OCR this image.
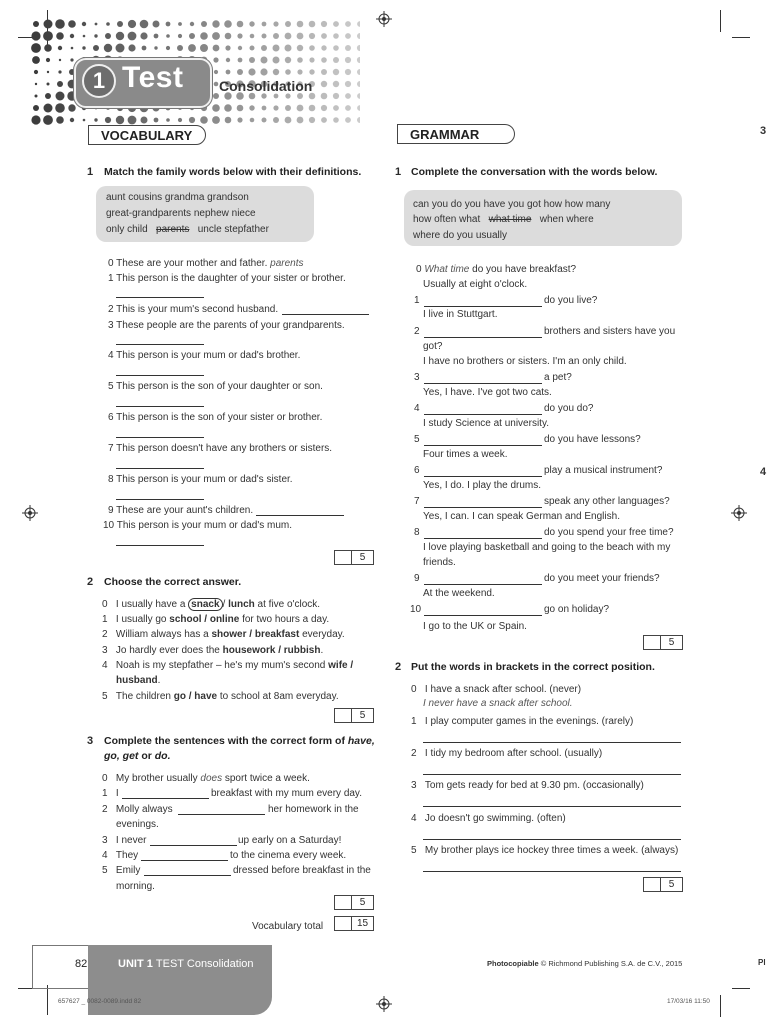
1 Test	Consolidation
3
4
Pl
VOCABULARY
1 Match the family words below with their definitions.
aunt cousins grandma grandson
great-grandparents nephew niece
only child parents uncle stepfather
0 These are your mother and father. parents
1 This person is the daughter of your sister or brother.
2 This is your mum's second husband.
3 These people are the parents of your grandparents.
4 This person is your mum or dad's brother.
5 This person is the son of your daughter or son.
6 This person is the son of your sister or brother.
7 This person doesn't have any brothers or sisters.
8 This person is your mum or dad's sister.
9 These are your aunt's children.
10 This person is your mum or dad's mum.
5
2 Choose the correct answer.
0 I usually have a snack / lunch at five o'clock.
1 I usually go school / online for two hours a day.
2 William always has a shower / breakfast everyday.
3 Jo hardly ever does the housework / rubbish.
4 Noah is my stepfather – he's my mum's second wife /
husband.
5 The children go / have to school at 8am everyday.
5
3 Complete the sentences with the correct form of have,
go, get or do.
0 My brother usually does sport twice a week.
1 I	breakfast with my mum every day.
2 Molly always	her homework in the
evenings.
3 I never	up early on a Saturday!
4 They	to the cinema every week.
5 Emily	dressed before breakfast in the
morning.
5
Vocabulary total	15
GRAMMAR
1 Complete the conversation with the words below.
can you do you have you got how how many
how often what what time when where
where do you usually
0 What time do you have breakfast?
Usually at eight o'clock.
1	do you live?
I live in Stuttgart.
2	brothers and sisters have you
got?
I have no brothers or sisters. I'm an only child.
3	a pet?
Yes, I have. I've got two cats.
4	do you do?
I study Science at university.
5	do you have lessons?
Four times a week.
6	play a musical instrument?
Yes, I do. I play the drums.
7	speak any other languages?
Yes, I can. I can speak German and English.
8	do you spend your free time?
I love playing basketball and going to the beach with my
friends.
9	do you meet your friends?
At the weekend.
10	go on holiday?
I go to the UK or Spain.
5
2 Put the words in brackets in the correct position.
0   I have a snack after school. (never)
I never have a snack after school.
1   I play computer games in the evenings. (rarely)
2   I tidy my bedroom after school. (usually)
3   Tom gets ready for bed at 9.30 pm. (occasionally)
4   Jo doesn't go swimming. (often)
5   My brother plays ice hockey three times a week. (always)
5
82	UNIT 1 TEST Consolidation	Photocopiable © Richmond Publishing S.A. de C.V., 2015
657627 _ 0082-0089.indd 82	17/03/16 11:50
